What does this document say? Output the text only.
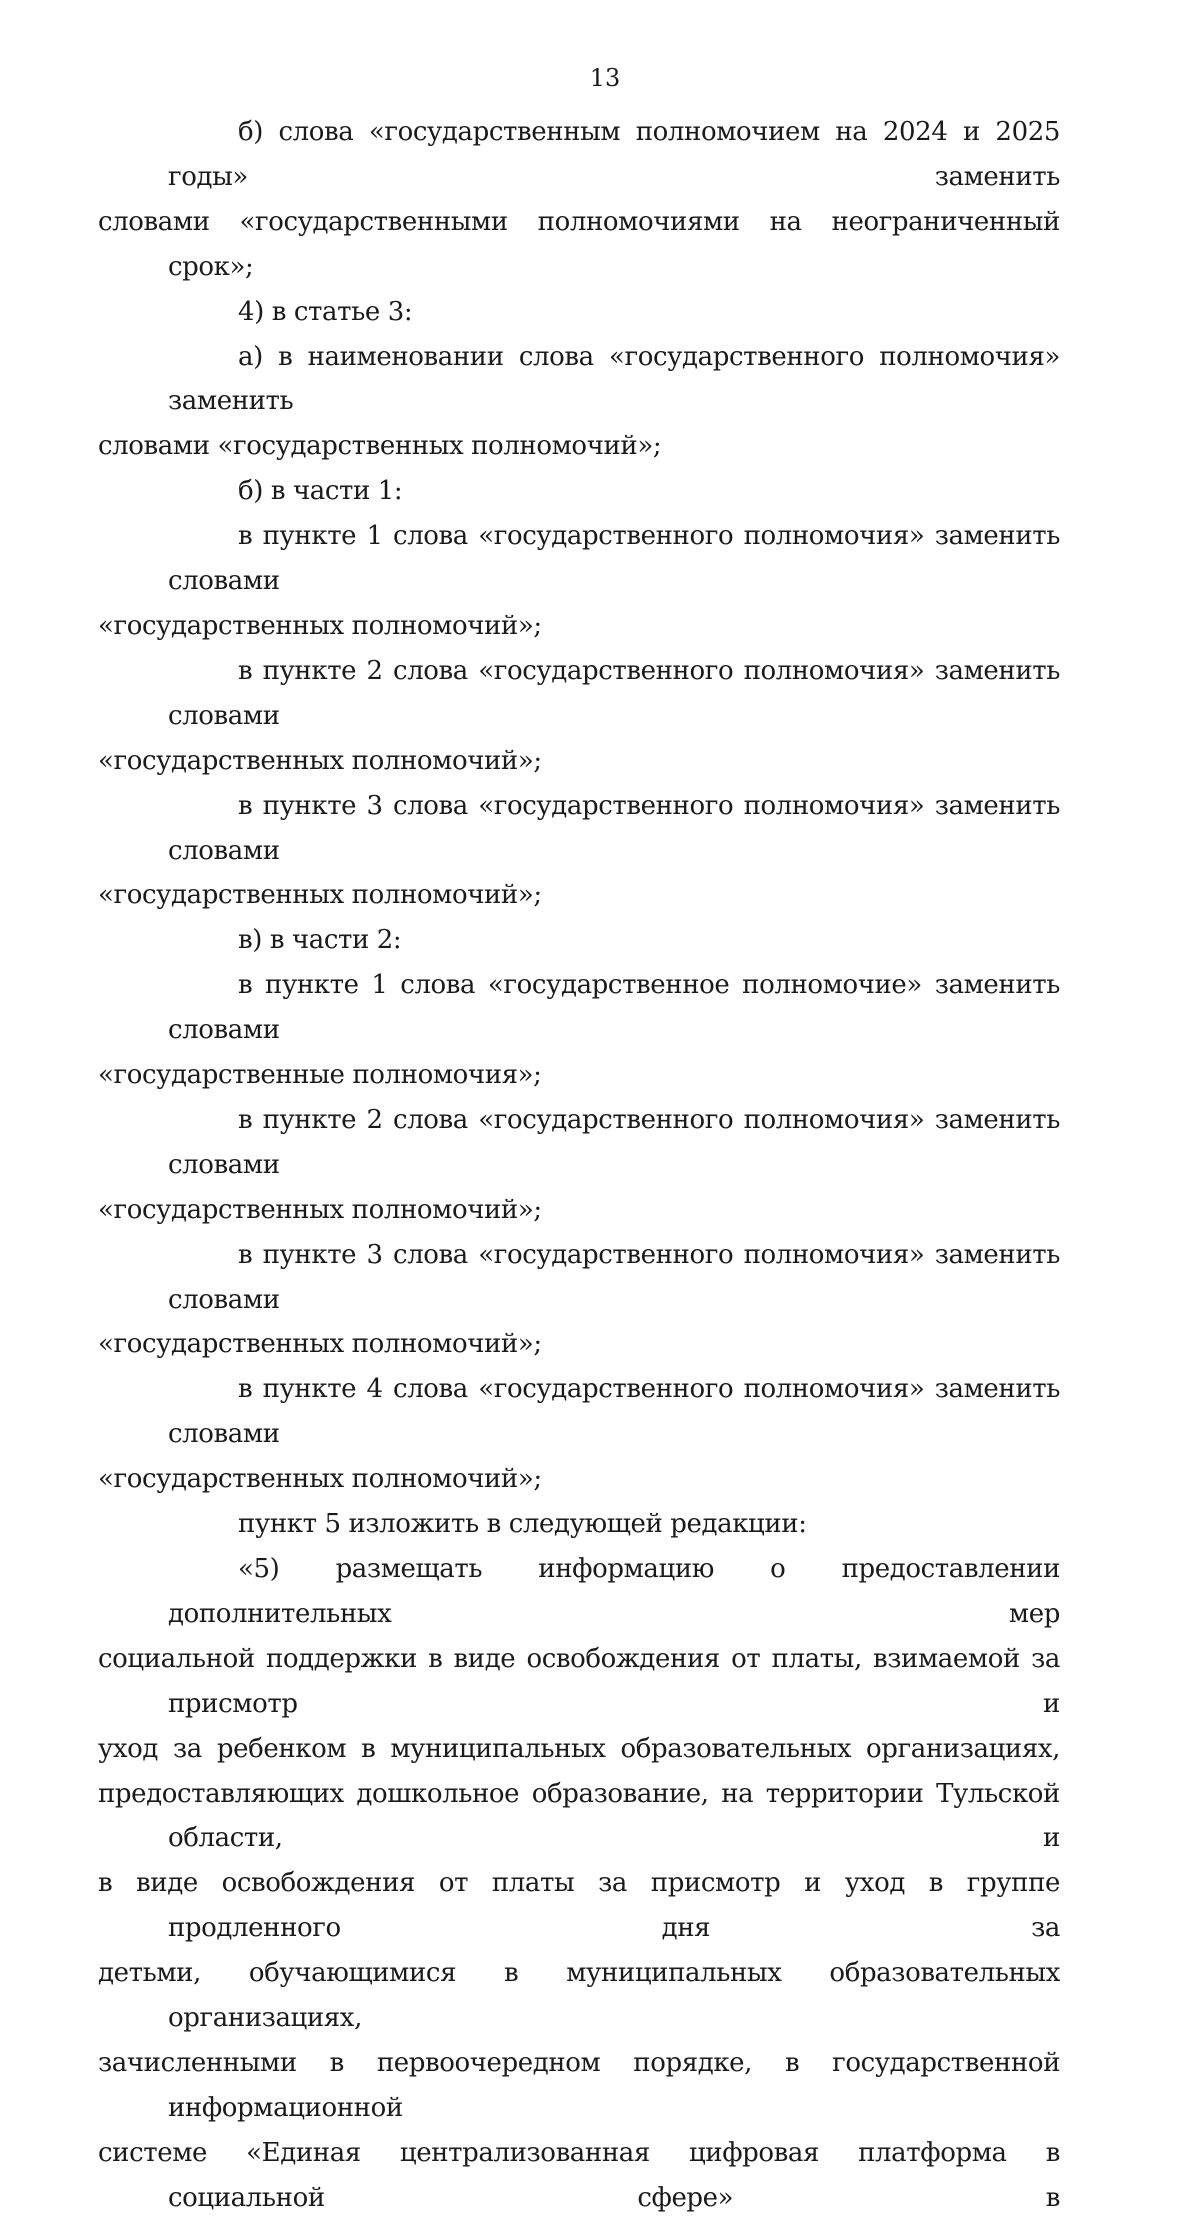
13

б) слова «государственным полномочием на 2024 и 2025 годы» заменить
словами «государственными полномочиями на неограниченный срок»;

4) в статье 3:

а) в наименовании слова «государственного полномочия» заменить
словами «государственных полномочий»;

б) в части 1:

в пункте 1 слова «государственного полномочия» заменить словами
«государственных полномочий»;

в пункте 2 слова «государственного полномочия» заменить словами
«государственных полномочий»;

в пункте 3 слова «государственного полномочия» заменить словами
«государственных полномочий»;

в) в части 2:

в пункте 1 слова «государственное полномочие» заменить словами
«государственные полномочия»;

в пункте 2 слова «государственного полномочия» заменить словами
«государственных полномочий»;

в пункте 3 слова «государственного полномочия» заменить словами
«государственных полномочий»;

в пункте 4 слова «государственного полномочия» заменить словами
«государственных полномочий»;

пункт 5 изложить в следующей редакции:

«5) размещать информацию о предоставлении дополнительных мер
социальной поддержки в виде освобождения от платы, взимаемой за присмотр и
уход за ребенком в муниципальных образовательных организациях,
предоставляющих дошкольное образование, на территории Тульской области, и
в виде освобождения от платы за присмотр и уход в группе продленного дня за
детьми, обучающимися в муниципальных образовательных организациях,
зачисленными в первоочередном порядке, в государственной информационной
системе «Единая централизованная цифровая платформа в социальной сфере» в
